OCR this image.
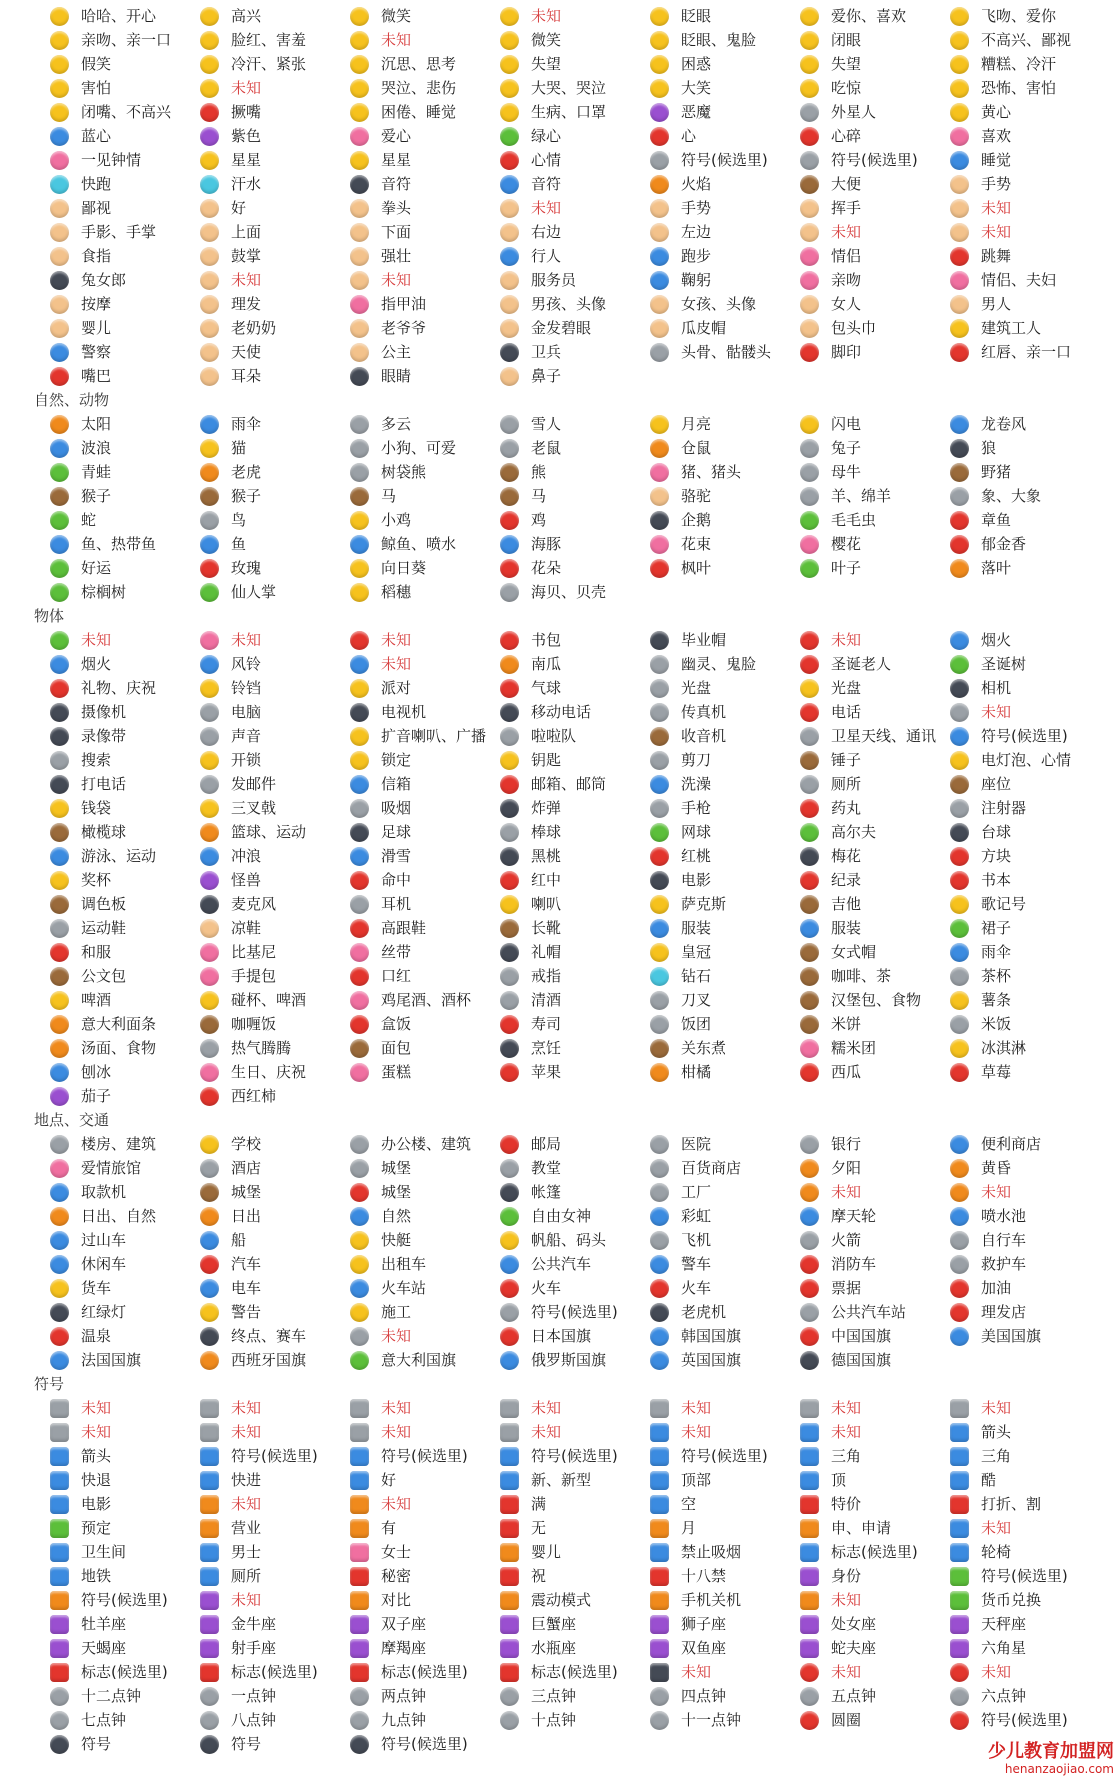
哈哈、开心	高兴	微笑	未知	眨眼	爱你、喜欢	飞吻、爱你
亲吻、亲一口	脸红、害羞	未知	微笑	眨眼、鬼脸	闭眼	不高兴、鄙视
假笑	冷汗、紧张	沉思、思考	失望	困惑	失望	糟糕、冷汗
害怕	未知	哭泣、悲伤	大哭、哭泣	大笑	吃惊	恐怖、害怕
闭嘴、不高兴	撅嘴	困倦、睡觉	生病、口罩	恶魔	外星人	黄心
蓝心	紫色	爱心	绿心	心	心碎	喜欢
一见钟情	星星	星星	心情	符号(候选里)	符号(候选里)	睡觉
快跑	汗水	音符	音符	火焰	大便	手势
鄙视	好	拳头	未知	手势	挥手	未知
手影、手掌	上面	下面	右边	左边	未知	未知
食指	鼓掌	强壮	行人	跑步	情侣	跳舞
兔女郎	未知	未知	服务员	鞠躬	亲吻	情侣、夫妇
按摩	理发	指甲油	男孩、头像	女孩、头像	女人	男人
婴儿	老奶奶	老爷爷	金发碧眼	瓜皮帽	包头巾	建筑工人
警察	天使	公主	卫兵	头骨、骷髅头	脚印	红唇、亲一口
嘴巴	耳朵	眼睛	鼻子
自然、动物
太阳	雨伞	多云	雪人	月亮	闪电	龙卷风
波浪	猫	小狗、可爱	老鼠	仓鼠	兔子	狼
青蛙	老虎	树袋熊	熊	猪、猪头	母牛	野猪
猴子	猴子	马	马	骆驼	羊、绵羊	象、大象
蛇	鸟	小鸡	鸡	企鹅	毛毛虫	章鱼
鱼、热带鱼	鱼	鲸鱼、喷水	海豚	花束	樱花	郁金香
好运	玫瑰	向日葵	花朵	枫叶	叶子	落叶
棕榈树	仙人掌	稻穗	海贝、贝壳
物体
未知	未知	未知	书包	毕业帽	未知	烟火
烟火	风铃	未知	南瓜	幽灵、鬼脸	圣诞老人	圣诞树
礼物、庆祝	铃铛	派对	气球	光盘	光盘	相机
摄像机	电脑	电视机	移动电话	传真机	电话	未知
录像带	声音	扩音喇叭、广播	啦啦队	收音机	卫星天线、通讯	符号(候选里)
搜索	开锁	锁定	钥匙	剪刀	锤子	电灯泡、心情
打电话	发邮件	信箱	邮箱、邮筒	洗澡	厕所	座位
钱袋	三叉戟	吸烟	炸弹	手枪	药丸	注射器
橄榄球	篮球、运动	足球	棒球	网球	高尔夫	台球
游泳、运动	冲浪	滑雪	黑桃	红桃	梅花	方块
奖杯	怪兽	命中	红中	电影	纪录	书本
调色板	麦克风	耳机	喇叭	萨克斯	吉他	歌记号
运动鞋	凉鞋	高跟鞋	长靴	服装	服装	裙子
和服	比基尼	丝带	礼帽	皇冠	女式帽	雨伞
公文包	手提包	口红	戒指	钻石	咖啡、茶	茶杯
啤酒	碰杯、啤酒	鸡尾酒、酒杯	清酒	刀叉	汉堡包、食物	薯条
意大利面条	咖喱饭	盒饭	寿司	饭团	米饼	米饭
汤面、食物	热气腾腾	面包	烹饪	关东煮	糯米团	冰淇淋
刨冰	生日、庆祝	蛋糕	苹果	柑橘	西瓜	草莓
茄子	西红柿
地点、交通
楼房、建筑	学校	办公楼、建筑	邮局	医院	银行	便利商店
爱情旅馆	酒店	城堡	教堂	百货商店	夕阳	黄昏
取款机	城堡	城堡	帐篷	工厂	未知	未知
日出、自然	日出	自然	自由女神	彩虹	摩天轮	喷水池
过山车	船	快艇	帆船、码头	飞机	火箭	自行车
休闲车	汽车	出租车	公共汽车	警车	消防车	救护车
货车	电车	火车站	火车	火车	票据	加油
红绿灯	警告	施工	符号(候选里)	老虎机	公共汽车站	理发店
温泉	终点、赛车	未知	日本国旗	韩国国旗	中国国旗	美国国旗
法国国旗	西班牙国旗	意大利国旗	俄罗斯国旗	英国国旗	德国国旗
符号
未知	未知	未知	未知	未知	未知	未知
未知	未知	未知	未知	未知	未知	箭头
箭头	符号(候选里)	符号(候选里)	符号(候选里)	符号(候选里)	三角	三角
快退	快进	好	新、新型	顶部	顶	酷
电影	未知	未知	满	空	特价	打折、割
预定	营业	有	无	月	申、申请	未知
卫生间	男士	女士	婴儿	禁止吸烟	标志(候选里)	轮椅
地铁	厕所	秘密	祝	十八禁	身份	符号(候选里)
符号(候选里)	未知	对比	震动模式	手机关机	未知	货币兑换
牡羊座	金牛座	双子座	巨蟹座	狮子座	处女座	天秤座
天蝎座	射手座	摩羯座	水瓶座	双鱼座	蛇夫座	六角星
标志(候选里)	标志(候选里)	标志(候选里)	标志(候选里)	未知	未知	未知
十二点钟	一点钟	两点钟	三点钟	四点钟	五点钟	六点钟
七点钟	八点钟	九点钟	十点钟	十一点钟	圆圈	符号(候选里)
符号	符号	符号(候选里)	少儿教育加盟网
henanzaojiao.com
